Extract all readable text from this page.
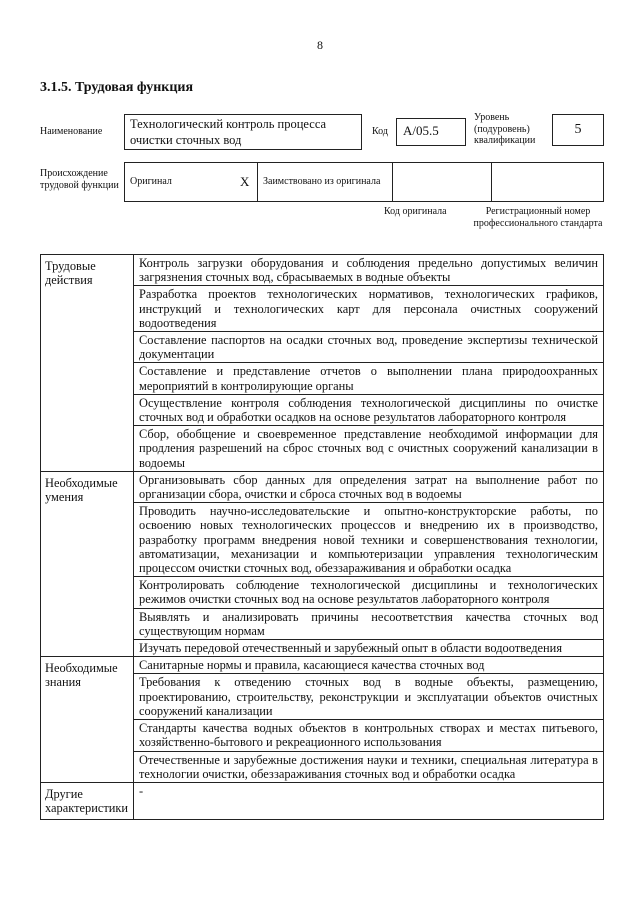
8
3.1.5. Трудовая функция
Наименование
Технологический контроль процесса очистки сточных вод
Код	А/05.5
Уровень (подуровень) квалификации
5
Происхождение трудовой функции Оригинал	X	Заимствовано из оригинала		
Код оригинала	Регистрационный номер профессионального стандарта
Трудовые действия	Контроль загрузки оборудования и соблюдения предельно допустимых величин загрязнения сточных вод, сбрасываемых в водные объекты
	Разработка проектов технологических нормативов, технологических графиков, инструкций и технологических карт для персонала очистных сооружений водоотведения
	Составление паспортов на осадки сточных вод, проведение экспертизы технической документации
	Составление и представление отчетов о выполнении плана природоохранных мероприятий в контролирующие органы
	Осуществление контроля соблюдения технологической дисциплины по очистке сточных вод и обработки осадков на основе результатов лабораторного контроля
	Сбор, обобщение и своевременное представление необходимой информации для продления разрешений на сброс сточных вод с очистных сооружений канализации в водоемы
Необходимые умения	Организовывать сбор данных для определения затрат на выполнение работ по организации сбора, очистки и сброса сточных вод в водоемы
	Проводить научно-исследовательские и опытно-конструкторские работы, по освоению новых технологических процессов и внедрению их в производство, разработку программ внедрения новой техники и совершенствования технологии, автоматизации, механизации и компьютеризации управления технологическим процессом очистки сточных вод, обеззараживания и обработки осадка
	Контролировать соблюдение технологической дисциплины и технологических режимов очистки сточных вод на основе результатов лабораторного контроля
	Выявлять и анализировать причины несоответствия качества сточных вод существующим нормам
	Изучать передовой отечественный и зарубежный опыт в области водоотведения
Необходимые знания	Санитарные нормы и правила, касающиеся качества сточных вод
	Требования к отведению сточных вод в водные объекты, размещению, проектированию, строительству, реконструкции и эксплуатации объектов очистных сооружений канализации
	Стандарты качества водных объектов в контрольных створах и местах питьевого, хозяйственно-бытового и рекреационного использования
	Отечественные и зарубежные достижения науки и техники, специальная литература в технологии очистки, обеззараживания сточных вод и обработки осадка
Другие характеристики	-
